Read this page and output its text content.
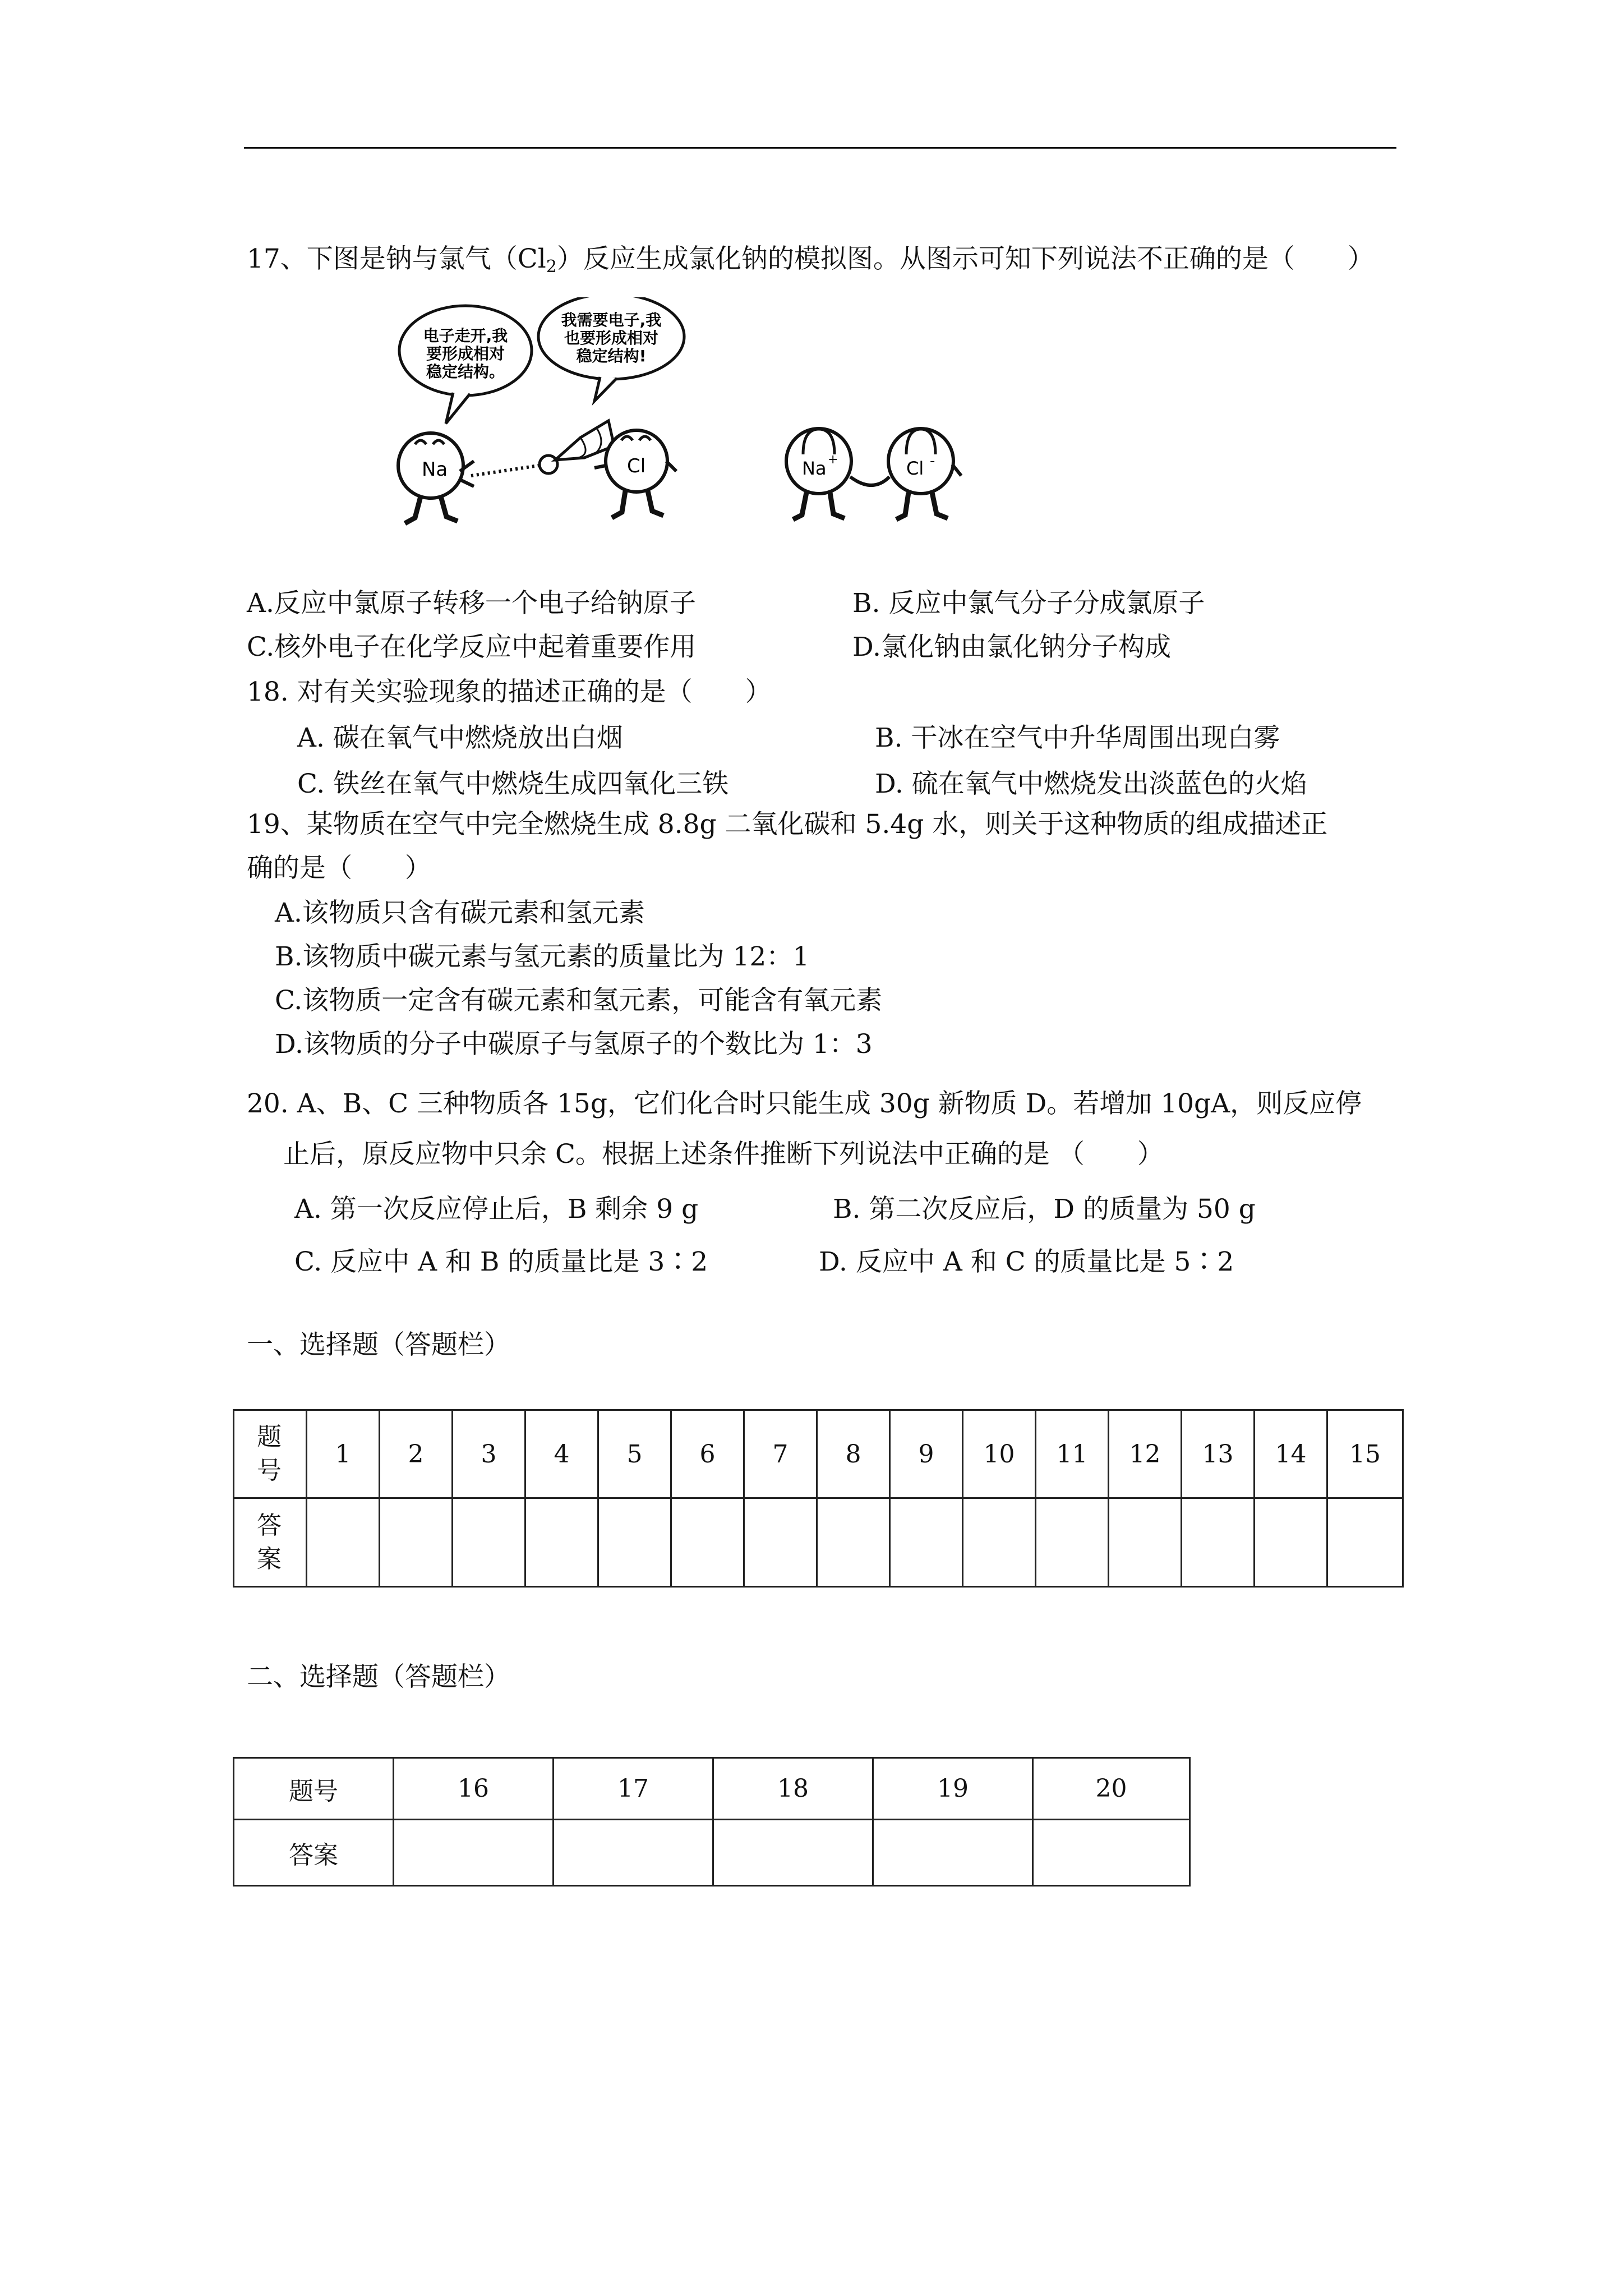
17、下图是钠与氯气$(Cl_2)$反应生成氯化钠的模拟图。从图示可知下列说法不正确的是（　　）
电子走开,我
要形成相对
稳定结构。
我需要电子,我
也要形成相对
稳定结构!
Na	Cl	Na +	Cl -
A.反应中氯原子转移一个电子给钠原子	B. 反应中氯气分子分成氯原子
C.核外电子在化学反应中起着重要作用	D.氯化钠由氯化钠分子构成
18. 对有关实验现象的描述正确的是（　　）
A. 碳在氧气中燃烧放出白烟	B. 干冰在空气中升华周围出现白雾
C. 铁丝在氧气中燃烧生成四氧化三铁	D. 硫在氧气中燃烧发出淡蓝色的火焰
19、某物质在空气中完全燃烧生成 8.8g 二氧化碳和 5.4g 水，则关于这种物质的组成描述正
确的是（　　）
A.该物质只含有碳元素和氢元素
B.该物质中碳元素与氢元素的质量比为 12：1
C.该物质一定含有碳元素和氢元素，可能含有氧元素
D.该物质的分子中碳原子与氢原子的个数比为 1：3
20. A、B、C 三种物质各 15g，它们化合时只能生成 30g 新物质 D。若增加 10gA，则反应停
止后，原反应物中只余 C。根据上述条件推断下列说法中正确的是 （　　）
A. 第一次反应停止后，B 剩余 9 g	B. 第二次反应后，D 的质量为 50 g
C. 反应中 A 和 B 的质量比是 3∶2	D. 反应中 A 和 C 的质量比是 5∶2
一、选择题（答题栏）
题号	1	2	3	4	5	6	7	8	9	10	11	12	13	14	15
答案															
二、选择题（答题栏）
题号	16	17	18	19	20
答案					
